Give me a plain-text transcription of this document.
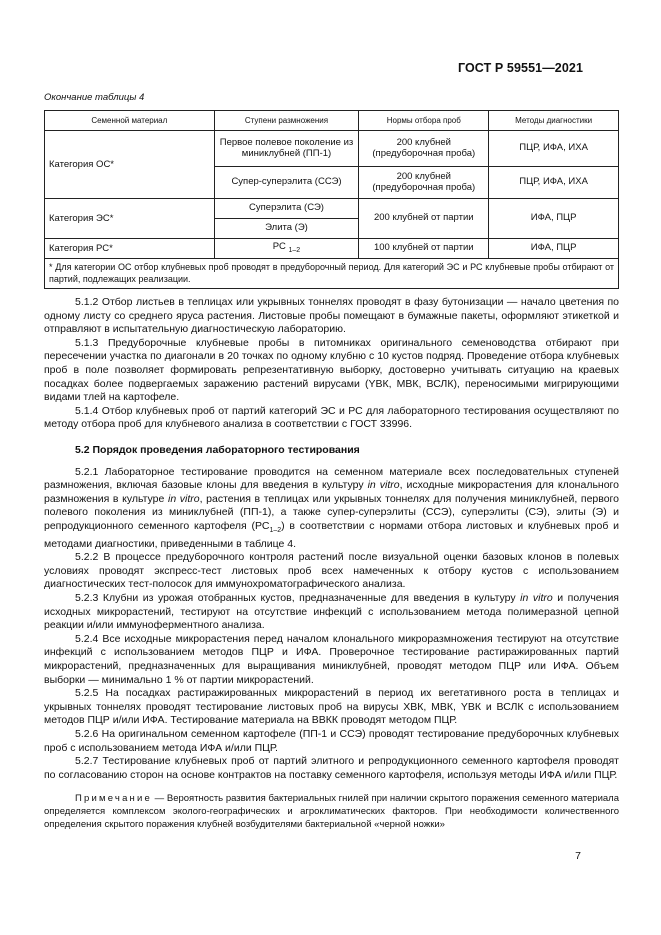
ГОСТ Р 59551—2021
Окончание таблицы 4
Семенной материал	Ступени размножения	Нормы отбора проб	Методы диагностики
Категория ОС*	Первое полевое поколение из миниклубней (ПП-1)	200 клубней (предуборочная проба)	ПЦР, ИФА, ИХА
	Супер-суперэлита (ССЭ)	200 клубней (предуборочная проба)	ПЦР, ИФА, ИХА
Категория ЭС*	Суперэлита (СЭ)	200 клубней от партии	ИФА, ПЦР
	Элита (Э)		
Категория РС*	РС $_{1-2}$	100 клубней от партии	ИФА, ПЦР
* Для категории ОС отбор клубневых проб проводят в предуборочный период. Для категорий ЭС и РС клубневые пробы отбирают от партий, подлежащих реализации.			

5.1.2 Отбор листьев в теплицах или укрывных тоннелях проводят в фазу бутонизации — начало цветения по одному листу со среднего яруса растения. Листовые пробы помещают в бумажные пакеты, оформляют этикеткой и отправляют в испытательную диагностическую лабораторию.

5.1.3 Предуборочные клубневые пробы в питомниках оригинального семеноводства отбирают при пересечении участка по диагонали в 20 точках по одному клубню с 10 кустов подряд. Проведение отбора клубневых проб в поле позволяет формировать репрезентативную выборку, достоверно учитывать ситуацию на краевых посадках более подвергаемых заражению растений вирусами (YВК, МВК, ВСЛК), переносимыми мигрирующими видами тлей на картофеле.

5.1.4 Отбор клубневых проб от партий категорий ЭС и РС для лабораторного тестирования осуществляют по методу отбора проб для клубневого анализа в соответствии с ГОСТ 33996.

5.2 Порядок проведения лабораторного тестирования

5.2.1 Лабораторное тестирование проводится на семенном материале всех последовательных ступеней размножения, включая базовые клоны для введения в культуру in vitro, исходные микрорастения для клонального размножения в культуре in vitro, растения в теплицах или укрывных тоннелях для получения миниклубней, первого полевого поколения из миниклубней (ПП-1), а также супер-суперэлиты (ССЭ), суперэлиты (СЭ), элиты (Э) и репродукционного семенного картофеля $(РС_{1-2})$ в соответствии с нормами отбора листовых и клубневых проб и методами диагностики, приведенными в таблице 4.

5.2.2 В процессе предуборочного контроля растений после визуальной оценки базовых клонов в полевых условиях проводят экспресс-тест листовых проб всех намеченных к отбору кустов с использованием диагностических тест-полосок для иммунохроматографического анализа.

5.2.3 Клубни из урожая отобранных кустов, предназначенные для введения в культуру in vitro и получения исходных микрорастений, тестируют на отсутствие инфекций с использованием метода полимеразной цепной реакции и/или иммуноферментного анализа.

5.2.4 Все исходные микрорастения перед началом клонального микроразмножения тестируют на отсутствие инфекций с использованием методов ПЦР и ИФА. Проверочное тестирование растиражированных партий микрорастений, предназначенных для выращивания миниклубней, проводят методом ПЦР или ИФА. Объем выборки — минимально 1 % от партии микрорастений.

5.2.5 На посадках растиражированных микрорастений в период их вегетативного роста в теплицах и укрывных тоннелях проводят тестирование листовых проб на вирусы ХВК, МВК, YВК и ВСЛК с использованием методов ПЦР и/или ИФА. Тестирование материала на ВВКК проводят методом ПЦР.

5.2.6 На оригинальном семенном картофеле (ПП-1 и ССЭ) проводят тестирование предуборочных клубневых проб с использованием метода ИФА и/или ПЦР.

5.2.7 Тестирование клубневых проб от партий элитного и репродукционного семенного картофеля проводят по согласованию сторон на основе контрактов на поставку семенного картофеля, используя методы ИФА и/или ПЦР.

Примечание — Вероятность развития бактериальных гнилей при наличии скрытого поражения семенного материала определяется комплексом эколого-географических и агроклиматических факторов. При необходимости количественного определения скрытого поражения клубней возбудителями бактериальной «черной ножки»
7
